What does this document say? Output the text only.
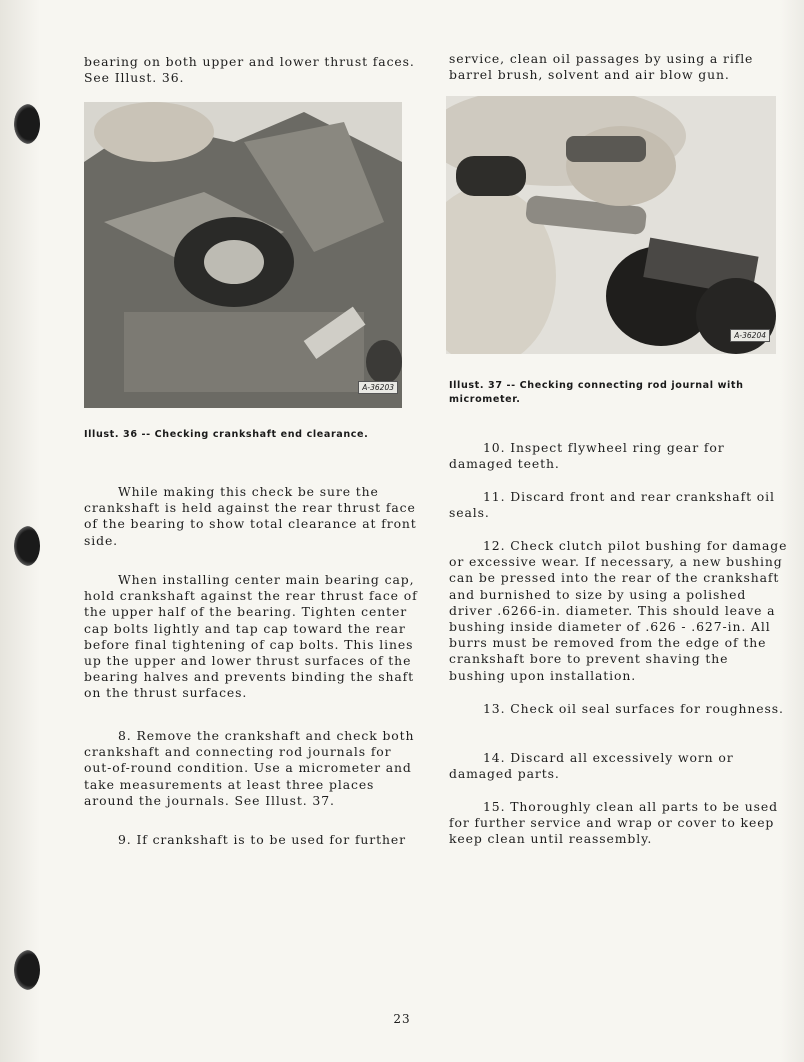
bearing on both upper and lower thrust faces. See Illust. 36.

A-36203
Illust. 36 -- Checking crankshaft end clearance.

While making this check be sure the crankshaft is held against the rear thrust face of the bearing to show total clearance at front side.

When installing center main bearing cap, hold crankshaft against the rear thrust face of the upper half of the bearing. Tighten center cap bolts lightly and tap cap toward the rear before final tightening of cap bolts. This lines up the upper and lower thrust surfaces of the bearing halves and prevents binding the shaft on the thrust surfaces.

8. Remove the crankshaft and check both crankshaft and connecting rod journals for out-of-round condition. Use a micrometer and take measurements at least three places around the journals. See Illust. 37.

9. If crankshaft is to be used for further

service, clean oil passages by using a rifle barrel brush, solvent and air blow gun.

A-36204
Illust. 37 -- Checking connecting rod journal with micrometer.

10. Inspect flywheel ring gear for damaged teeth.

11. Discard front and rear crankshaft oil seals.

12. Check clutch pilot bushing for damage or excessive wear. If necessary, a new bushing can be pressed into the rear of the crankshaft and burnished to size by using a polished driver .6266-in. diameter. This should leave a bushing inside diameter of .626 - .627-in. All burrs must be removed from the edge of the crankshaft bore to prevent shaving the bushing upon installation.

13. Check oil seal surfaces for roughness.

14. Discard all excessively worn or damaged parts.

15. Thoroughly clean all parts to be used for further service and wrap or cover to keep keep clean until reassembly.

23
